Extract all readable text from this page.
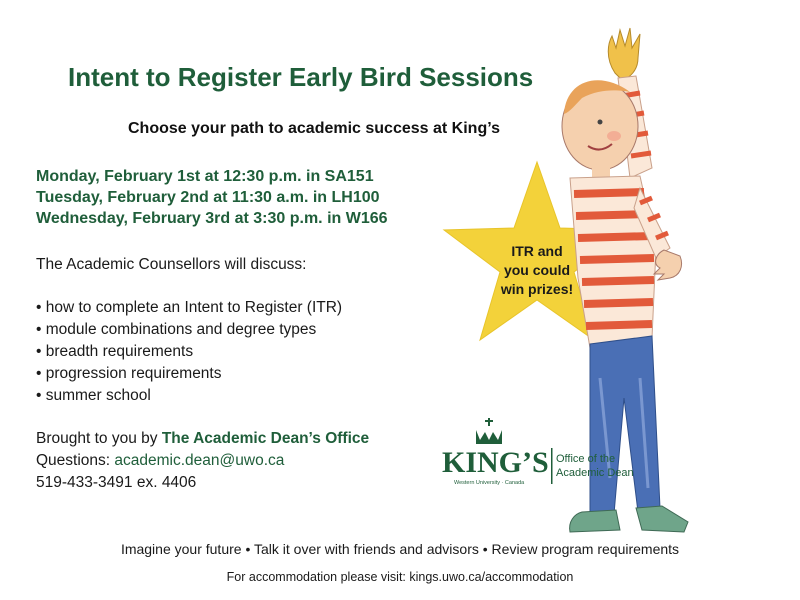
Intent to Register Early Bird Sessions
Choose your path to academic success at King’s
Monday, February 1st at 12:30 p.m. in SA151
Tuesday, February 2nd at 11:30 a.m. in LH100
Wednesday, February 3rd at 3:30 p.m. in W166
The Academic Counsellors will discuss:
• how to complete an Intent to Register (ITR)
• module combinations and degree types
• breadth requirements
• progression requirements
• summer school
Brought to you by The Academic Dean’s Office
Questions: academic.dean@uwo.ca
519-433-3491 ex. 4406
ITR and
you could
win prizes!
KING’S
Western University · Canada
Office of the
Academic Dean
Imagine your future • Talk it over with friends and advisors • Review program requirements
For accommodation please visit: kings.uwo.ca/accommodation
